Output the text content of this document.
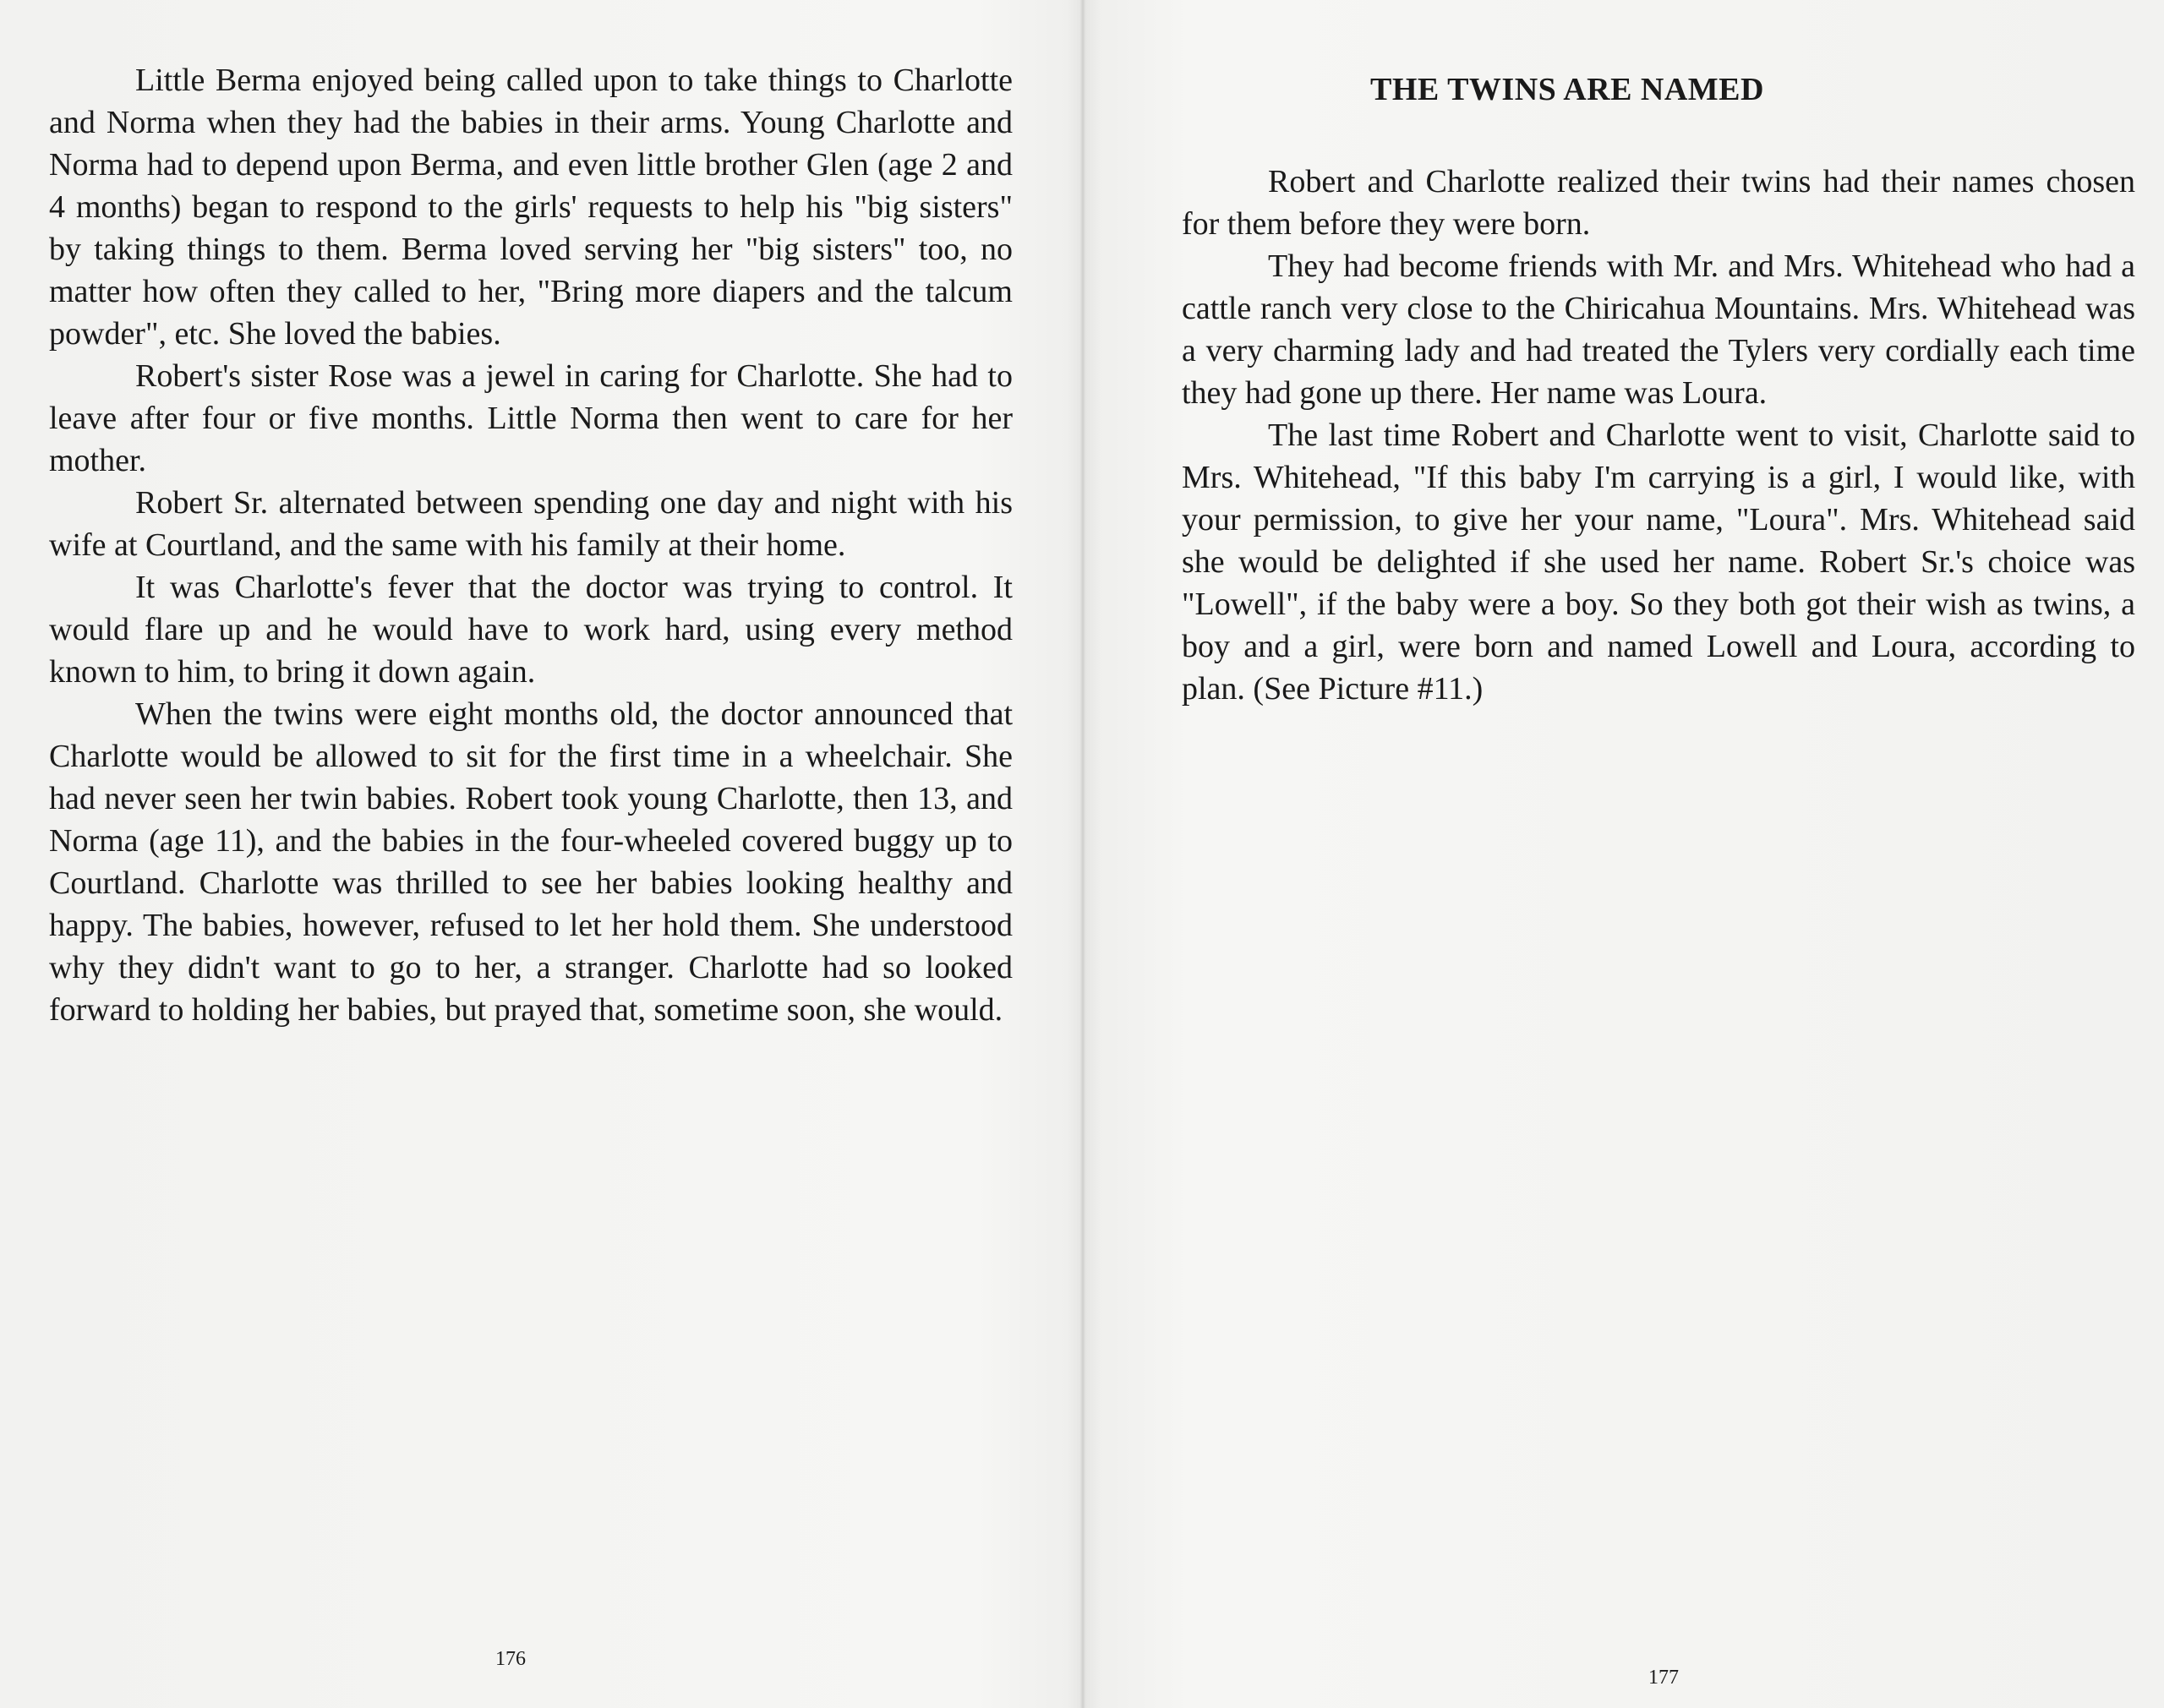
Little Berma enjoyed being called upon to take things to Charlotte and Norma when they had the babies in their arms. Young Charlotte and Norma had to depend upon Berma, and even little brother Glen (age 2 and 4 months) began to respond to the girls' requests to help his "big sisters" by taking things to them. Berma loved serving her "big sisters" too, no matter how often they called to her, "Bring more diapers and the talcum powder", etc. She loved the babies.

Robert's sister Rose was a jewel in caring for Charlotte. She had to leave after four or five months. Little Norma then went to care for her mother.

Robert Sr. alternated between spending one day and night with his wife at Courtland, and the same with his family at their home.

It was Charlotte's fever that the doctor was trying to control. It would flare up and he would have to work hard, using every method known to him, to bring it down again.

When the twins were eight months old, the doctor announced that Charlotte would be allowed to sit for the first time in a wheelchair. She had never seen her twin babies. Robert took young Charlotte, then 13, and Norma (age 11), and the babies in the four-wheeled covered buggy up to Courtland. Charlotte was thrilled to see her babies looking healthy and happy. The babies, however, refused to let her hold them. She understood why they didn't want to go to her, a stranger. Charlotte had so looked forward to holding her babies, but prayed that, sometime soon, she would.

176
THE TWINS ARE NAMED

Robert and Charlotte realized their twins had their names chosen for them before they were born.

They had become friends with Mr. and Mrs. Whitehead who had a cattle ranch very close to the Chiricahua Mountains. Mrs. Whitehead was a very charming lady and had treated the Tylers very cordially each time they had gone up there. Her name was Loura.

The last time Robert and Charlotte went to visit, Charlotte said to Mrs. Whitehead, "If this baby I'm carrying is a girl, I would like, with your permission, to give her your name, "Loura". Mrs. Whitehead said she would be delighted if she used her name. Robert Sr.'s choice was "Lowell", if the baby were a boy. So they both got their wish as twins, a boy and a girl, were born and named Lowell and Loura, according to plan. (See Picture #11.)

177
